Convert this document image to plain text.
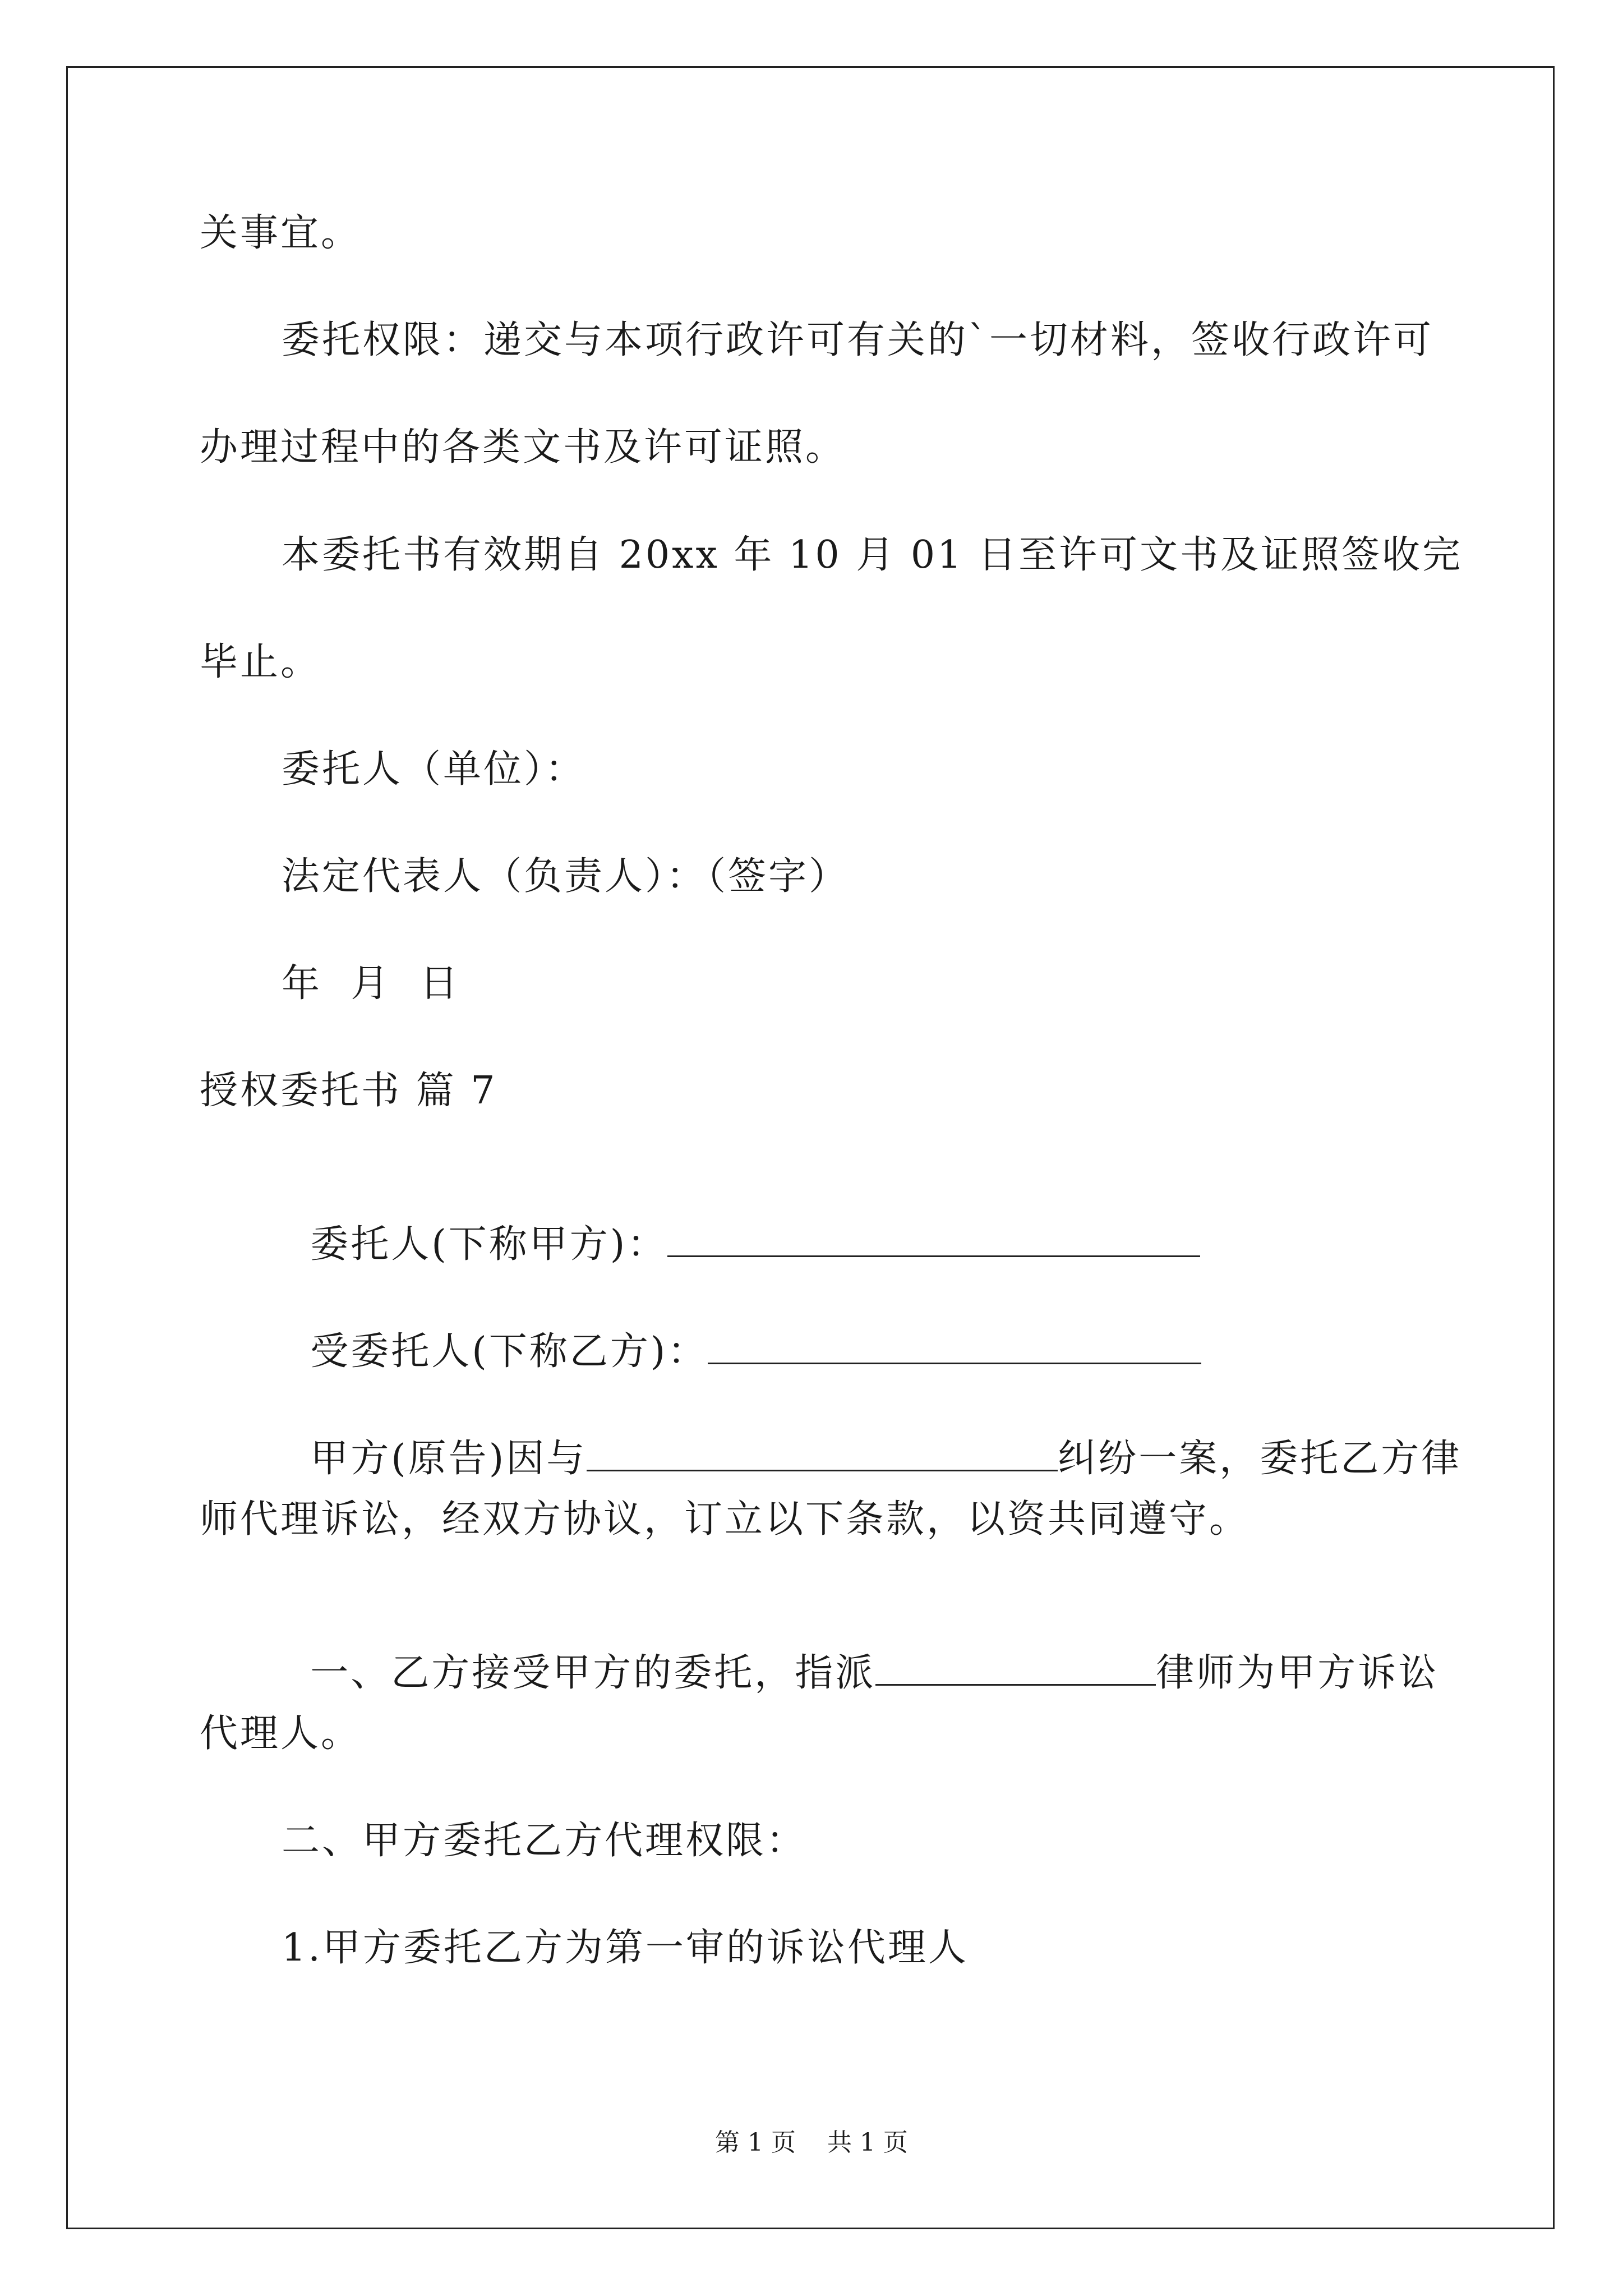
关事宜。
委托权限：递交与本项行政许可有关的`一切材料，签收行政许可
办理过程中的各类文书及许可证照。
本委托书有效期自 20xx 年 10 月 01 日至许可文书及证照签收完
毕止。
委托人（单位）：
法定代表人（负责人）：（签字）
年  月  日
授权委托书 篇 7

委托人(下称甲方)：

受委托人(下称乙方)：

甲方(原告)因与	纠纷一案，委托乙方律

师代理诉讼，经双方协议，订立以下条款，以资共同遵守。

一、乙方接受甲方的委托，指派	律师为甲方诉讼

代理人。
二、甲方委托乙方代理权限：
1.甲方委托乙方为第一审的诉讼代理人
第 1 页    共 1 页
